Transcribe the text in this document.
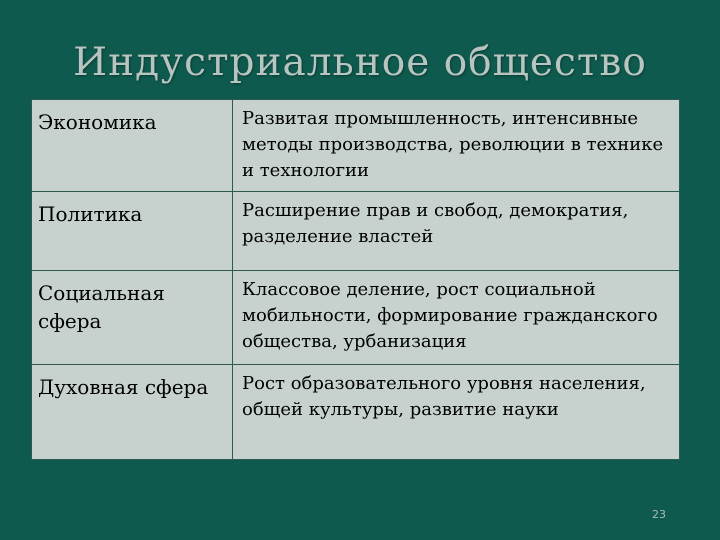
Индустриальное общество
Экономика	Развитая промышленность, интенсивные методы производства, революции в технике и технологии
Политика	Расширение прав и свобод, демократия, разделение властей
Социальная сфера	Классовое деление, рост социальной мобильности, формирование гражданского общества, урбанизация
Духовная сфера	Рост образовательного уровня населения, общей культуры, развитие науки
23
